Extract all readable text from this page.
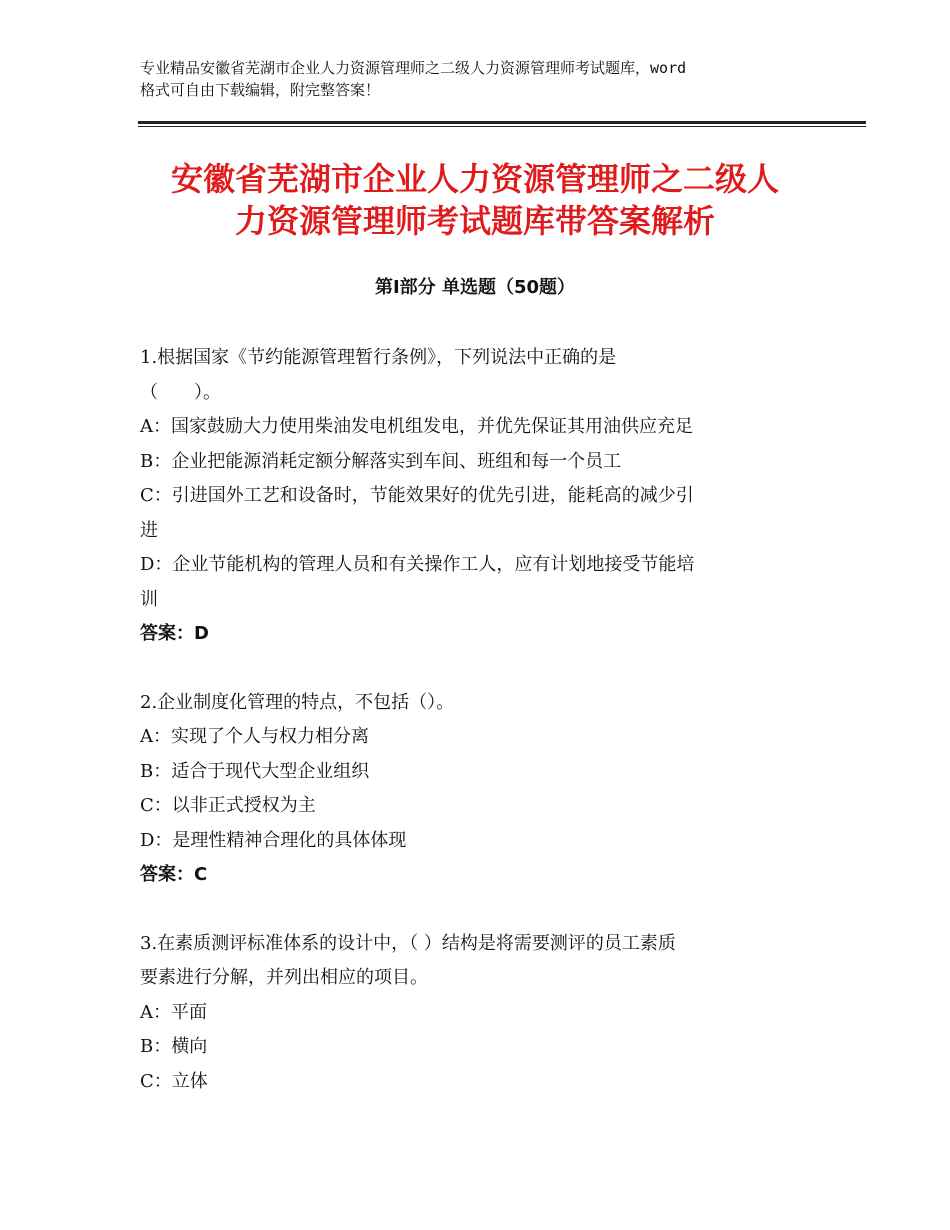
专业精品安徽省芜湖市企业人力资源管理师之二级人力资源管理师考试题库，word
格式可自由下载编辑，附完整答案！
安徽省芜湖市企业人力资源管理师之二级人
力资源管理师考试题库带答案解析
第Ⅰ部分 单选题（50题）

1.根据国家《节约能源管理暂行条例》，下列说法中正确的是

（　　）。

A：国家鼓励大力使用柴油发电机组发电，并优先保证其用油供应充足

B：企业把能源消耗定额分解落实到车间、班组和每一个员工

C：引进国外工艺和设备时，节能效果好的优先引进，能耗高的减少引

进

D：企业节能机构的管理人员和有关操作工人，应有计划地接受节能培

训

答案：D

2.企业制度化管理的特点，不包括（）。

A：实现了个人与权力相分离

B：适合于现代大型企业组织

C：以非正式授权为主

D：是理性精神合理化的具体体现

答案：C

3.在素质测评标准体系的设计中，（ ）结构是将需要测评的员工素质

要素进行分解，并列出相应的项目。

A：平面

B：横向

C：立体
